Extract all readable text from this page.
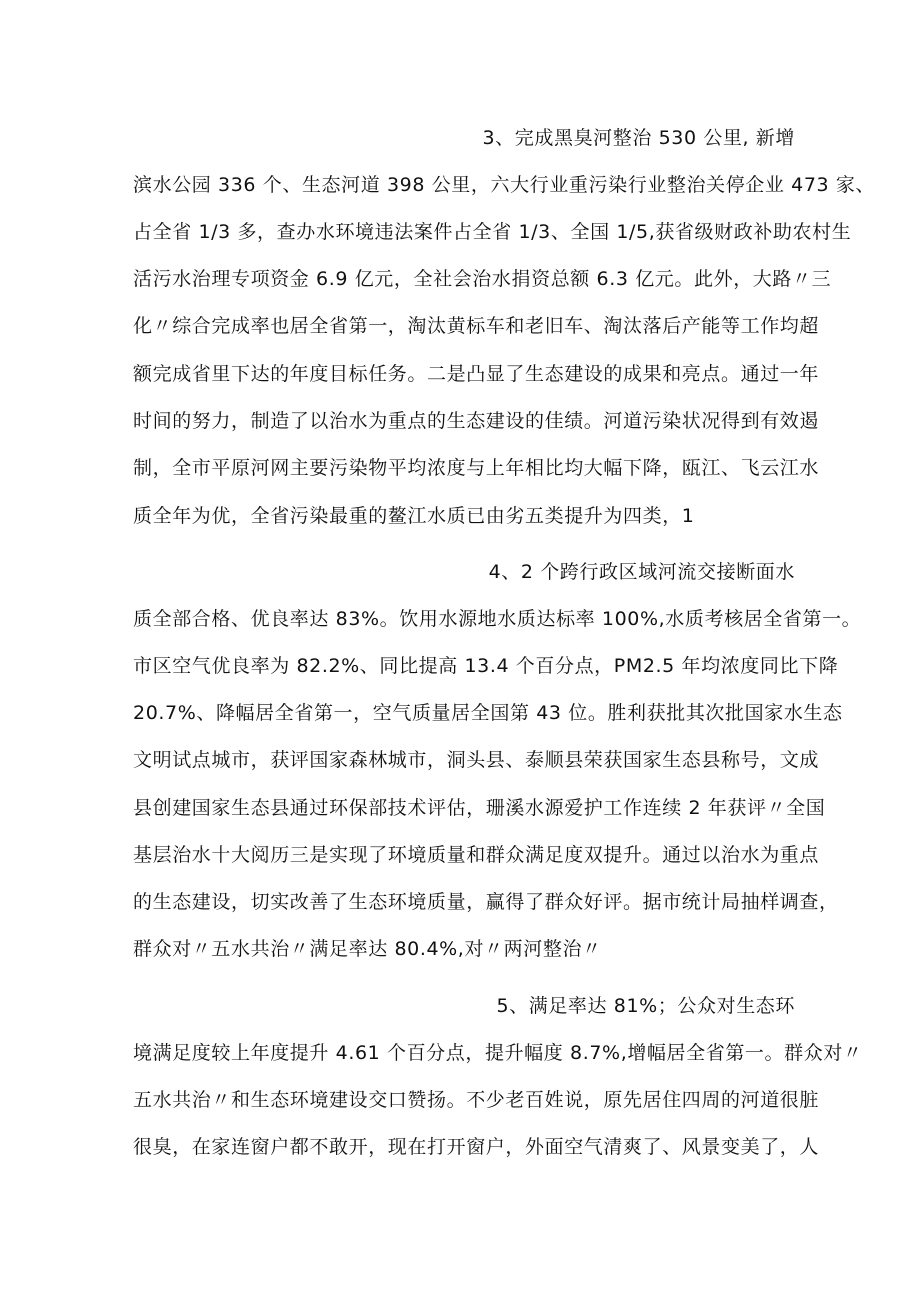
3、完成黑臭河整治 530 公里, 新增
滨水公园 336 个、生态河道 398 公里，六大行业重污染行业整治关停企业 473 家、
占全省 1/3 多，查办水环境违法案件占全省 1/3、全国 1/5,获省级财政补助农村生
活污水治理专项资金 6.9 亿元，全社会治水捐资总额 6.3 亿元。此外，大路〃三
化〃综合完成率也居全省第一，淘汰黄标车和老旧车、淘汰落后产能等工作均超
额完成省里下达的年度目标任务。二是凸显了生态建设的成果和亮点。通过一年
时间的努力，制造了以治水为重点的生态建设的佳绩。河道污染状况得到有效遏
制，全市平原河网主要污染物平均浓度与上年相比均大幅下降，瓯江、飞云江水
质全年为优，全省污染最重的鳌江水质已由劣五类提升为四类，1
4、2 个跨行政区域河流交接断面水
质全部合格、优良率达 83%。饮用水源地水质达标率 100%,水质考核居全省第一。
市区空气优良率为 82.2%、同比提高 13.4 个百分点，PM2.5 年均浓度同比下降
20.7%、降幅居全省第一，空气质量居全国第 43 位。胜利获批其次批国家水生态
文明试点城市，获评国家森林城市，洞头县、泰顺县荣获国家生态县称号，文成
县创建国家生态县通过环保部技术评估，珊溪水源爱护工作连续 2 年获评〃全国
基层治水十大阅历三是实现了环境质量和群众满足度双提升。通过以治水为重点
的生态建设，切实改善了生态环境质量，赢得了群众好评。据市统计局抽样调查，
群众对〃五水共治〃满足率达 80.4%,对〃两河整治〃
5、满足率达 81%；公众对生态环
境满足度较上年度提升 4.61 个百分点，提升幅度 8.7%,增幅居全省第一。群众对〃
五水共治〃和生态环境建设交口赞扬。不少老百姓说，原先居住四周的河道很脏
很臭，在家连窗户都不敢开，现在打开窗户，外面空气清爽了、风景变美了，人
